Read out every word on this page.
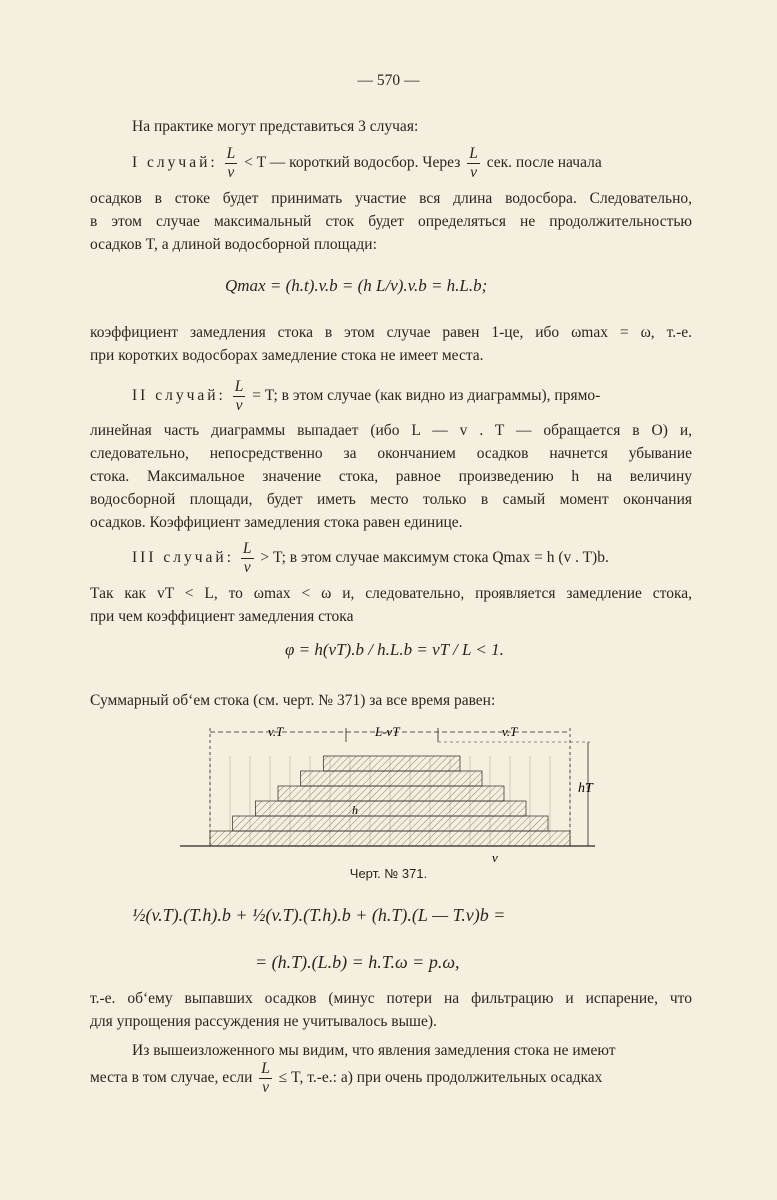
— 570 —
На практике могут представиться 3 случая:
I случай: $\frac{L}{v} < T$ — короткий водосбор. Через $\frac{L}{v}$ сек. после начала
осадков в стоке будет принимать участие вся длина водосбора. Следовательно,
в этом случае максимальный сток будет определяться не продолжительностью
осадков T, а длиной водосборной площади:
Qmax = (h.t).v.b = (h L/v).v.b = h.L.b;
коэффициент замедления стока в этом случае равен 1-це, ибо ωmax = ω, т.-е.
при коротких водосборах замедление стока не имеет места.
II случай: $\frac{L}{v} = T$; в этом случае (как видно из диаграммы), прямо-
линейная часть диаграммы выпадает (ибо L — v . T — обращается в O) и,
следовательно, непосредственно за окончанием осадков начнется убывание
стока. Максимальное значение стока, равное произведению h на величину
водосборной площади, будет иметь место только в самый момент окончания
осадков. Коэффициент замедления стока равен единице.
III случай: $\frac{L}{v} > T$; в этом случае максимум стока Qmax = h (v . T)b.
Так как vT < L, то ωmax < ω и, следовательно, проявляется замедление стока,
при чем коэффициент замедления стока
φ = h(vT).b / h.L.b = vT / L < 1.
Суммарный об‘ем стока (см. черт. № 371) за все время равен:
v.T	L-vT	v.T
hT
h
v
Черт. № 371.
½(v.T).(T.h).b + ½(v.T).(T.h).b + (h.T).(L — T.v)b =
= (h.T).(L.b) = h.T.ω = p.ω,
т.-е. об‘ему выпавших осадков (минус потери на фильтрацию и испарение, что
для упрощения рассуждения не учитывалось выше).
Из вышеизложенного мы видим, что явления замедления стока не имеют
места в том случае, если $\frac{L}{v} \le T$, т.-е.: а) при очень продолжительных осадках
